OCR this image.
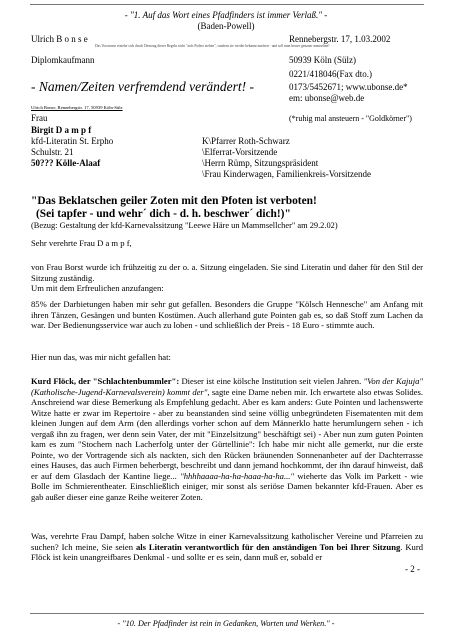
- "1. Auf das Wort eines Pfadfinders ist immer Verlaß." -
(Baden-Powell)
Ulrich B o n s e
Das Vorstrasse erziehe sich durch Deutung dieser Regeln nicht "aufs Podest ziehen", sondern sie wieder bekannt machen - und soll man besser genauer anzusehen!
Diplomkaufmann
Rennebergstr. 17, 1.03.2002
50939 Köln (Sülz)
0221/418046(Fax dto.)
0173/5452671; www.ubonse.de*
em: ubonse@web.de
- Namen/Zeiten verfremdend verändert! -
Ulrich Bonse, Rennebergstr. 17, 50939 Köln-Sülz
Frau	(*ruhig mal ansteuern - "Goldkörner")
Birgit D a m p f
kfd-Literatin St. Erpho
Schulstr. 21
50??? Kölle-Alaaf
K\Pfarrer Roth-Schwarz
\Elferrat-Vorsitzende
\Herrn Rümp, Sitzungspräsident
\Frau Kinderwagen, Familienkreis-Vorsitzende
"Das Beklatschen geiler Zoten mit den Pfoten ist verboten!
(Sei tapfer - und wehr´ dich - d. h. beschwer´ dich!)"
(Bezug: Gestaltung der kfd-Karnevalssitzung "Leewe Häre un Mammsellcher" am 29.2.02)
Sehr verehrte Frau D a m p f,
von Frau Borst wurde ich frühzeitig zu der o. a. Sitzung eingeladen. Sie sind Literatin und daher für den Stil der Sitzung zuständig.
Um mit dem Erfreulichen anzufangen:
85% der Darbietungen haben mir sehr gut gefallen. Besonders die Gruppe "Kölsch Hennesche" am Anfang mit ihren Tänzen, Gesängen und bunten Kostümen. Auch allerhand gute Pointen gab es, so daß Stoff zum Lachen da war. Der Bedienungsservice war auch zu loben - und schließlich der Preis - 18 Euro - stimmte auch.
Hier nun das, was mir nicht gefallen hat:
Kurd Flöck, der "Schlachtenbummler": Dieser ist eine kölsche Institution seit vielen Jahren. "Von der Kajuja" (Katholische-Jugend-Karnevalsverein) kommt der", sagte eine Dame neben mir. Ich erwartete also etwas Solides. Anschreiend war diese Bemerkung als Empfehlung gedacht. Aber es kam anders: Gute Pointen und lachenswerte Witze hatte er zwar im Repertoire - aber zu beanstanden sind seine völlig unbegründeten Fisematenten mit dem kleinen Jungen auf dem Arm (den allerdings vorher schon auf dem Männerklo hatte herumlungern sehen - ich vergaß ihn zu fragen, wer denn sein Vater, der mit "Einzelsitzung" beschäftigt sei) - Aber nun zum guten Pointen kam es zum "Stochern nach Lacherfolg unter der Gürtellinie": Ich habe mir nicht alle gemerkt, nur die erste Pointe, wo der Vortragende sich als nackten, sich den Rücken bräunenden Sonnenanbeter auf der Dachterrasse eines Hauses, das auch Firmen beherbergt, beschreibt und dann jemand hochkommt, der ihn darauf hinweist, daß er auf dem Glasdach der Kantine liege... "hhhhaaaa-ha-ha-haaa-ha-ha..." wieherte das Volk im Parkett - wie Bolle im Schmierentheater. Einschließlich einiger, mir sonst als seriöse Damen bekannter kfd-Frauen. Aber es gab außer dieser eine ganze Reihe weiterer Zoten.
Was, verehrte Frau Dampf, haben solche Witze in einer Karnevalssitzung katholischer Vereine und Pfarreien zu suchen? Ich meine, Sie seien als Literatin verantwortlich für den anständigen Ton bei Ihrer Sitzung. Kurd Flöck ist kein unangreifbares Denkmal - und sollte er es sein, dann muß er, sobald er
- 2 -
- "10. Der Pfadfinder ist rein in Gedanken, Worten und Werken." -
